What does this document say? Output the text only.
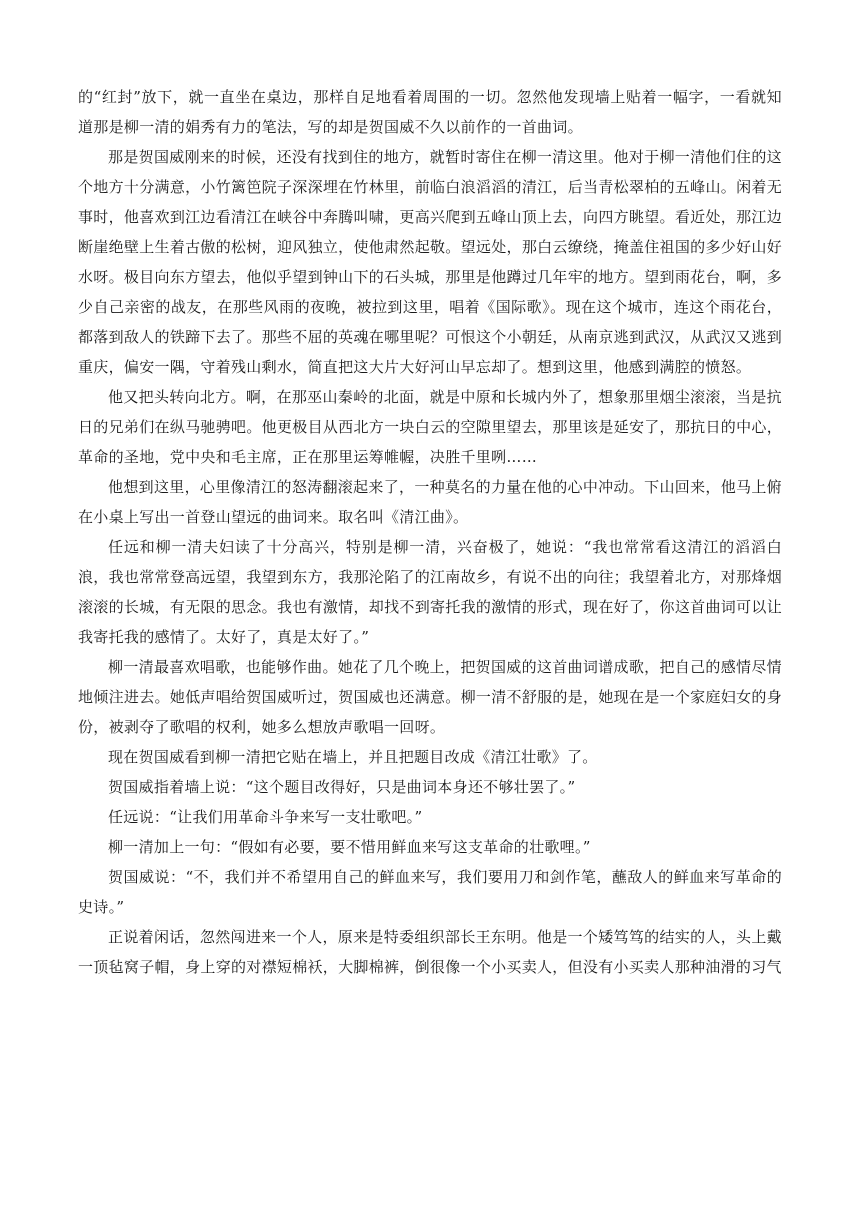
的“红封”放下，就一直坐在桌边，那样自足地看着周围的一切。忽然他发现墙上贴着一幅字，一看就知道那是柳一清的娟秀有力的笔法，写的却是贺国威不久以前作的一首曲词。

那是贺国威刚来的时候，还没有找到住的地方，就暂时寄住在柳一清这里。他对于柳一清他们住的这个地方十分满意，小竹篱笆院子深深埋在竹林里，前临白浪滔滔的清江，后当青松翠柏的五峰山。闲着无事时，他喜欢到江边看清江在峡谷中奔腾叫啸，更高兴爬到五峰山顶上去，向四方眺望。看近处，那江边断崖绝壁上生着古傲的松树，迎风独立，使他肃然起敬。望远处，那白云缭绕，掩盖住祖国的多少好山好水呀。极目向东方望去，他似乎望到钟山下的石头城，那里是他蹲过几年牢的地方。望到雨花台，啊，多少自己亲密的战友，在那些风雨的夜晚，被拉到这里，唱着《国际歌》。现在这个城市，连这个雨花台，都落到敌人的铁蹄下去了。那些不屈的英魂在哪里呢？可恨这个小朝廷，从南京逃到武汉，从武汉又逃到重庆，偏安一隅，守着残山剩水，简直把这大片大好河山早忘却了。想到这里，他感到满腔的愤怒。

他又把头转向北方。啊，在那巫山秦岭的北面，就是中原和长城内外了，想象那里烟尘滚滚，当是抗日的兄弟们在纵马驰骋吧。他更极目从西北方一块白云的空隙里望去，那里该是延安了，那抗日的中心，革命的圣地，党中央和毛主席，正在那里运筹帷幄，决胜千里咧……

他想到这里，心里像清江的怒涛翻滚起来了，一种莫名的力量在他的心中冲动。下山回来，他马上俯在小桌上写出一首登山望远的曲词来。取名叫《清江曲》。

任远和柳一清夫妇读了十分高兴，特别是柳一清，兴奋极了，她说：“我也常常看这清江的滔滔白浪，我也常常登高远望，我望到东方，我那沦陷了的江南故乡，有说不出的向往；我望着北方，对那烽烟滚滚的长城，有无限的思念。我也有激情，却找不到寄托我的激情的形式，现在好了，你这首曲词可以让我寄托我的感情了。太好了，真是太好了。”

柳一清最喜欢唱歌，也能够作曲。她花了几个晚上，把贺国威的这首曲词谱成歌，把自己的感情尽情地倾注进去。她低声唱给贺国威听过，贺国威也还满意。柳一清不舒服的是，她现在是一个家庭妇女的身份，被剥夺了歌唱的权利，她多么想放声歌唱一回呀。

现在贺国威看到柳一清把它贴在墙上，并且把题目改成《清江壮歌》了。

贺国威指着墙上说：“这个题目改得好，只是曲词本身还不够壮罢了。”

任远说：“让我们用革命斗争来写一支壮歌吧。”

柳一清加上一句：“假如有必要，要不惜用鲜血来写这支革命的壮歌哩。”

贺国威说：“不，我们并不希望用自己的鲜血来写，我们要用刀和剑作笔，蘸敌人的鲜血来写革命的史诗。”

正说着闲话，忽然闯进来一个人，原来是特委组织部长王东明。他是一个矮笃笃的结实的人，头上戴一顶毡窝子帽，身上穿的对襟短棉袄，大脚棉裤，倒很像一个小买卖人，但没有小买卖人那种油滑的习气
